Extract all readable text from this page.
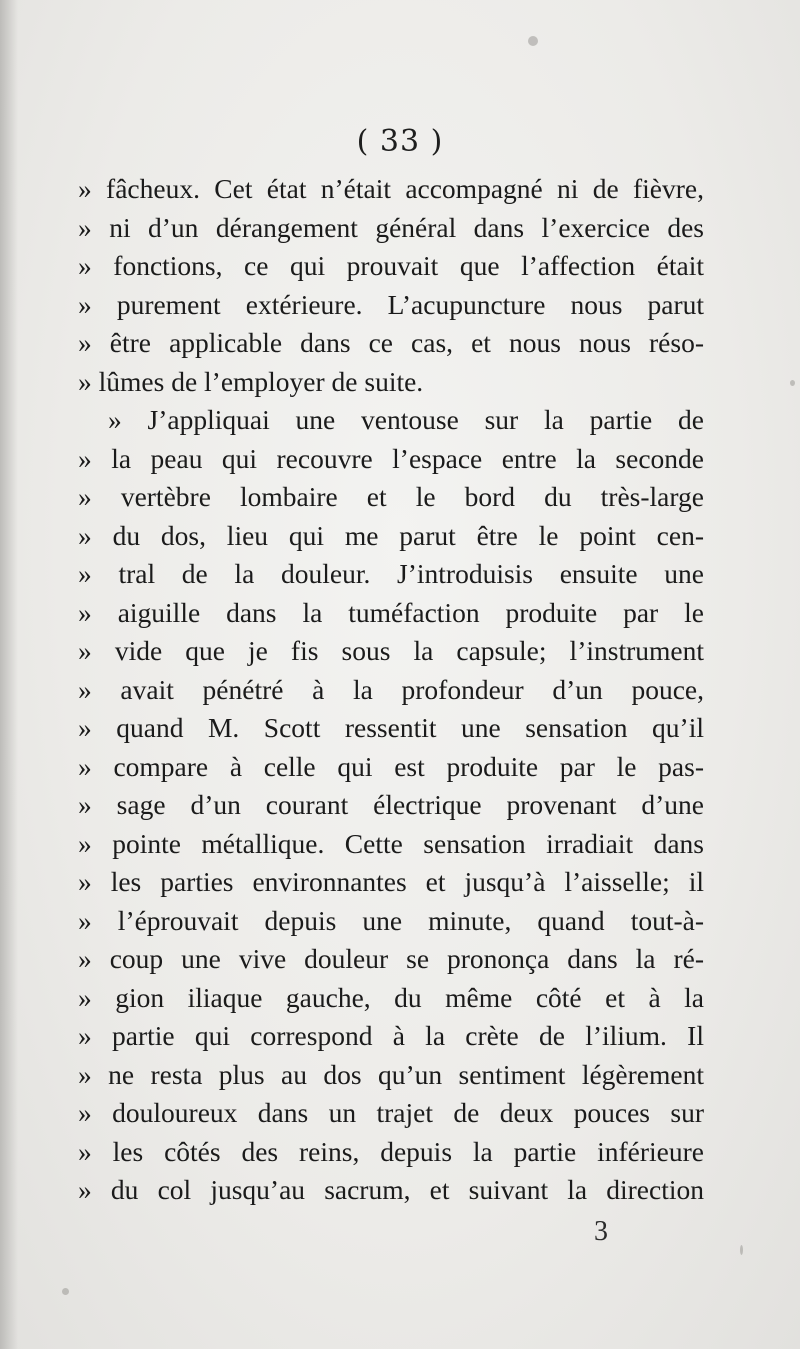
( 33 )
» fâcheux. Cet état n’était accompagné ni de fièvre,
» ni d’un dérangement général dans l’exercice des
» fonctions, ce qui prouvait que l’affection était
» purement extérieure. L’acupuncture nous parut
» être applicable dans ce cas, et nous nous réso-
» lûmes de l’employer de suite.
» J’appliquai une ventouse sur la partie de
» la peau qui recouvre l’espace entre la seconde
» vertèbre lombaire et le bord du très-large
» du dos, lieu qui me parut être le point cen-
» tral de la douleur. J’introduisis ensuite une
» aiguille dans la tuméfaction produite par le
» vide que je fis sous la capsule; l’instrument
» avait pénétré à la profondeur d’un pouce,
» quand M. Scott ressentit une sensation qu’il
» compare à celle qui est produite par le pas-
» sage d’un courant électrique provenant d’une
» pointe métallique. Cette sensation irradiait dans
» les parties environnantes et jusqu’à l’aisselle; il
» l’éprouvait depuis une minute, quand tout-à-
» coup une vive douleur se prononça dans la ré-
» gion iliaque gauche, du même côté et à la
» partie qui correspond à la crète de l’ilium. Il
» ne resta plus au dos qu’un sentiment légèrement
» douloureux dans un trajet de deux pouces sur
» les côtés des reins, depuis la partie inférieure
» du col jusqu’au sacrum, et suivant la direction
3
